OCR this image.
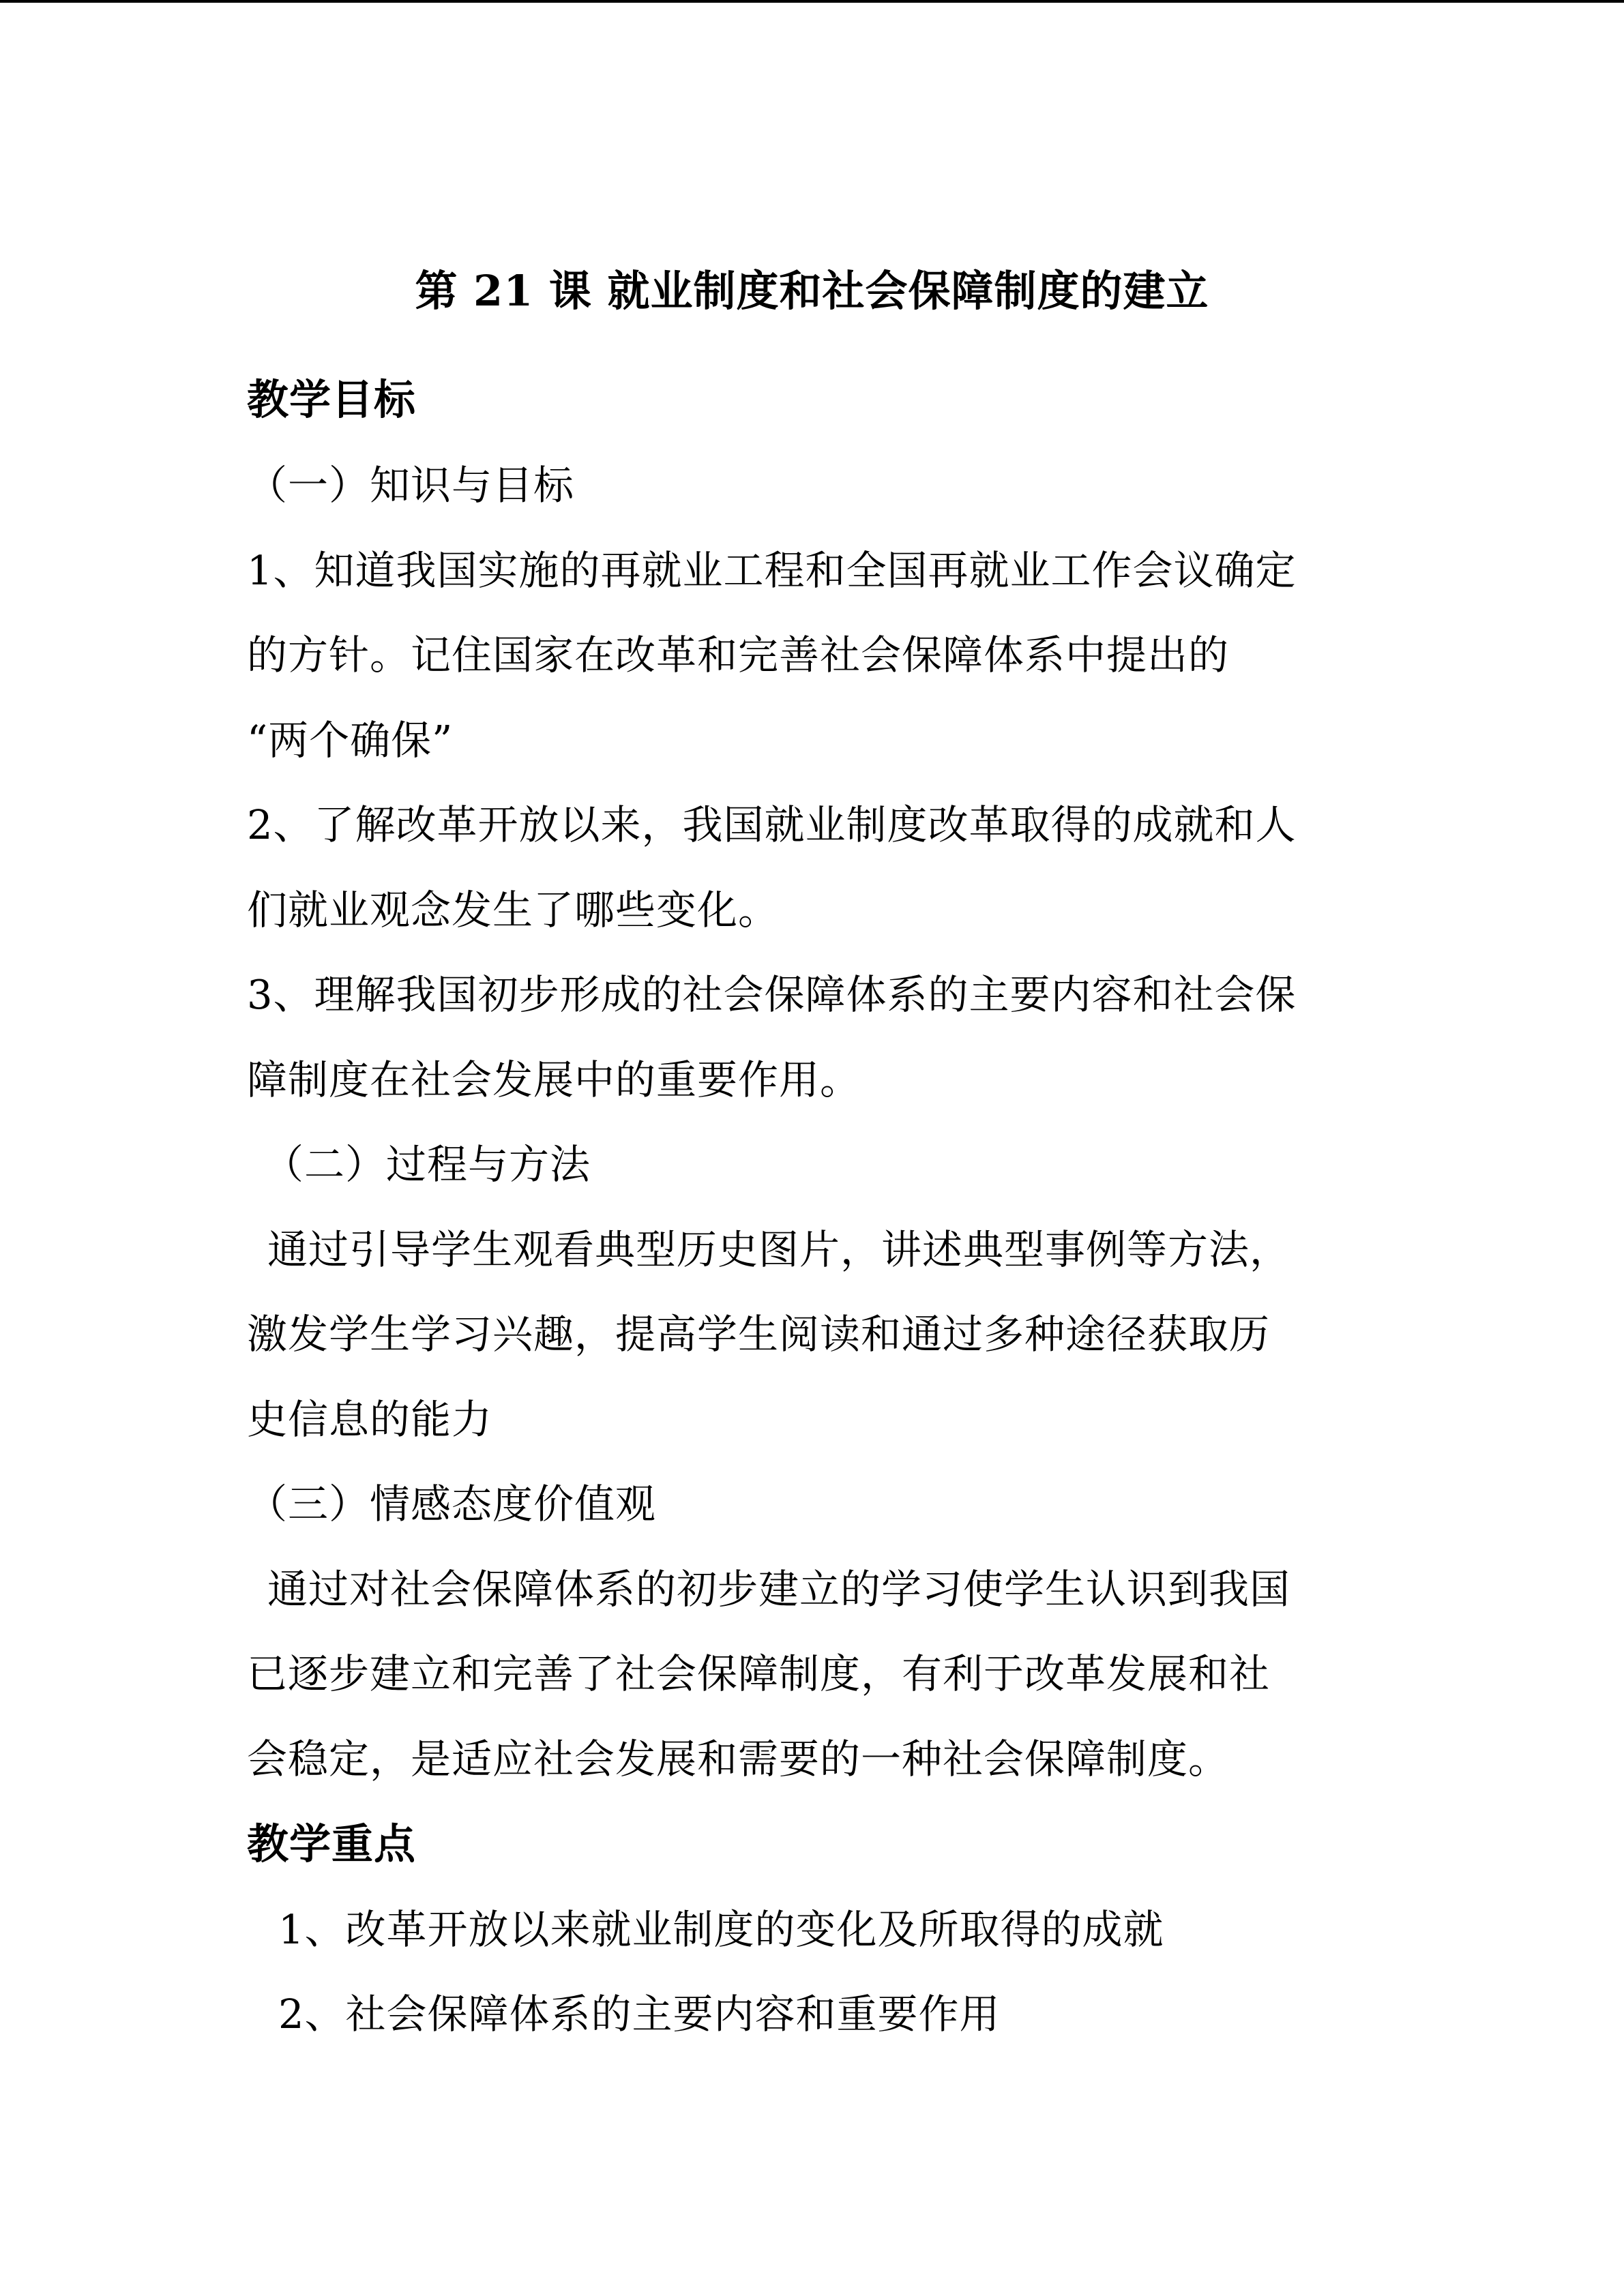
第 21 课 就业制度和社会保障制度的建立
教学目标
（一）知识与目标
1、知道我国实施的再就业工程和全国再就业工作会议确定
的方针。记住国家在改革和完善社会保障体系中提出的
“两个确保”
2、了解改革开放以来，我国就业制度改革取得的成就和人
们就业观念发生了哪些变化。
3、理解我国初步形成的社会保障体系的主要内容和社会保
障制度在社会发展中的重要作用。
（二）过程与方法
通过引导学生观看典型历史图片，讲述典型事例等方法，
激发学生学习兴趣，提高学生阅读和通过多种途径获取历
史信息的能力
（三）情感态度价值观
通过对社会保障体系的初步建立的学习使学生认识到我国
已逐步建立和完善了社会保障制度，有利于改革发展和社
会稳定，是适应社会发展和需要的一种社会保障制度。
教学重点
1、改革开放以来就业制度的变化及所取得的成就
2、社会保障体系的主要内容和重要作用
